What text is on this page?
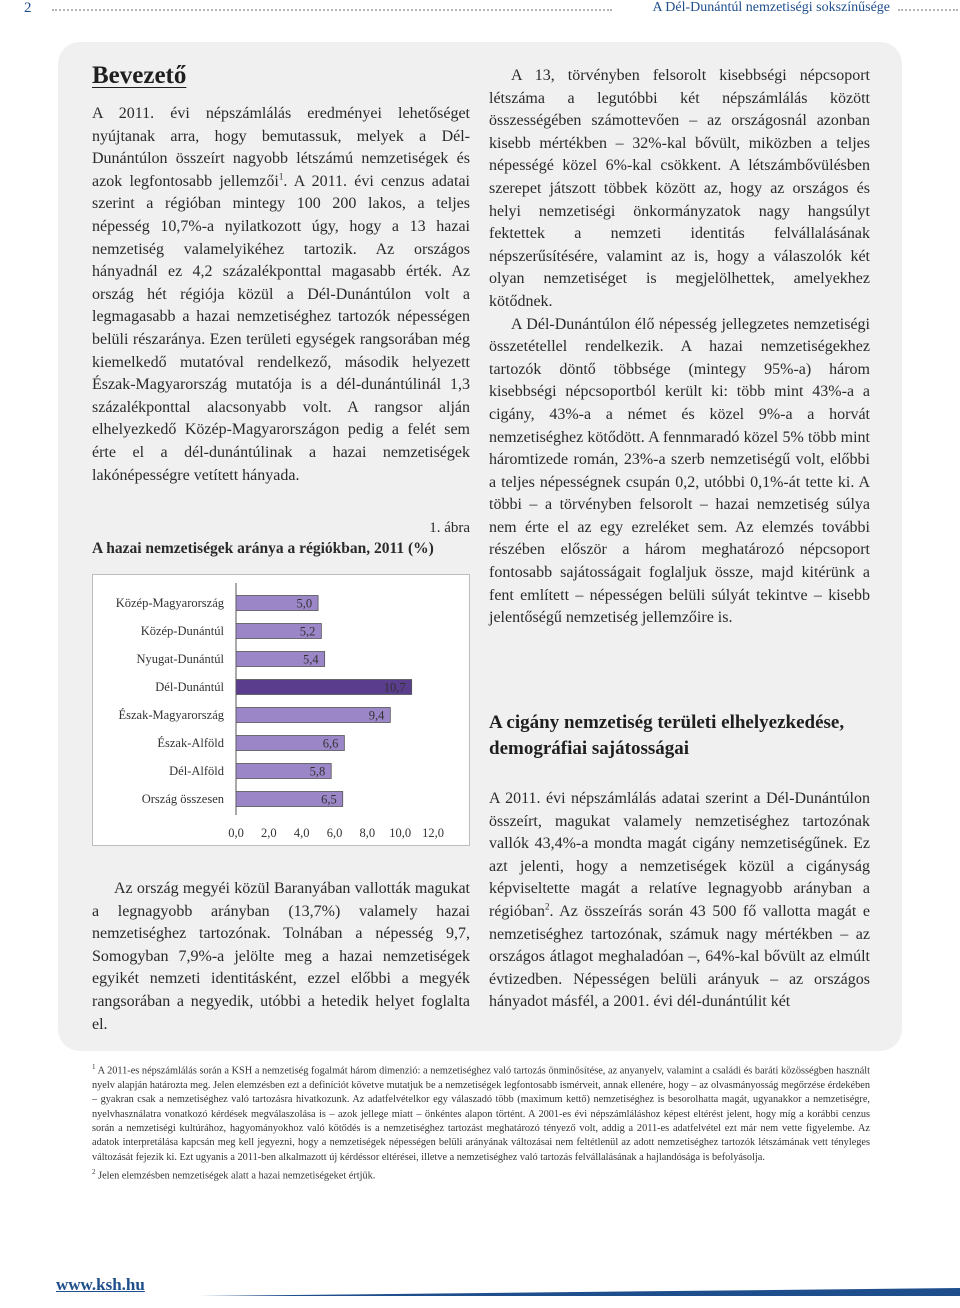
2	A Dél-Dunántúl nemzetiségi sokszínűsége
Bevezető

A 2011. évi népszámlálás eredményei lehetőséget nyújtanak arra, hogy bemutassuk, melyek a Dél-Dunántúlon összeírt nagyobb létszámú nemzetiségek és azok legfontosabb jellemzői$^1$. A 2011. évi cenzus adatai szerint a régióban mintegy 100 200 lakos, a teljes népesség 10,7%-a nyilatkozott úgy, hogy a 13 hazai nemzetiség valamelyikéhez tartozik. Az országos hányadnál ez 4,2 százalékponttal magasabb érték. Az ország hét régiója közül a Dél-Dunántúlon volt a legmagasabb a hazai nemzetiséghez tartozók népességen belüli részaránya. Ezen területi egységek rangsorában még kiemelkedő mutatóval rendelkező, második helyezett Észak-Magyarország mutatója is a dél-dunántúlinál 1,3 százalékponttal alacsonyabb volt. A rangsor alján elhelyezkedő Közép-Magyarországon pedig a felét sem érte el a dél-dunántúlinak a hazai nemzetiségek lakónépességre vetített hányada.

1. ábra
A hazai nemzetiségek aránya a régiókban, 2011 (%)
0,0 2,0 4,0 6,0 8,0 10,0 12,0
Közép-Magyarország	5,0
Közép-Dunántúl	5,2
Nyugat-Dunántúl	5,4
Dél-Dunántúl	10,7
Észak-Magyarország	9,4
Észak-Alföld	6,6
Dél-Alföld	5,8
Ország összesen	6,5

Az ország megyéi közül Baranyában vallották magukat a legnagyobb arányban (13,7%) valamely hazai nemzetiséghez tartozónak. Tolnában a népesség 9,7, Somogyban 7,9%-a jelölte meg a hazai nemzetiségek egyikét nemzeti identitásként, ezzel előbbi a megyék rangsorában a negyedik, utóbbi a hetedik helyet foglalta el.

A 13, törvényben felsorolt kisebbségi népcsoport létszáma a legutóbbi két népszámlálás között összességében számottevően – az országosnál azonban kisebb mértékben – 32%-kal bővült, miközben a teljes népességé közel 6%-kal csökkent. A létszámbővülésben szerepet játszott többek között az, hogy az országos és helyi nemzetiségi önkormányzatok nagy hangsúlyt fektettek a nemzeti identitás felvállalásának népszerűsítésére, valamint az is, hogy a válaszolók két olyan nemzetiséget is megjelölhettek, amelyekhez kötődnek.

A Dél-Dunántúlon élő népesség jellegzetes nemzetiségi összetétellel rendelkezik. A hazai nemzetiségekhez tartozók döntő többsége (mintegy 95%-a) három kisebbségi népcsoportból került ki: több mint 43%-a a cigány, 43%-a a német és közel 9%-a a horvát nemzetiséghez kötődött. A fennmaradó közel 5% több mint háromtizede román, 23%-a szerb nemzetiségű volt, előbbi a teljes népességnek csupán 0,2, utóbbi 0,1%-át tette ki. A többi – a törvényben felsorolt – hazai nemzetiség súlya nem érte el az egy ezreléket sem. Az elemzés további részében először a három meghatározó népcsoport fontosabb sajátosságait foglaljuk össze, majd kitérünk a fent említett – népességen belüli súlyát tekintve – kisebb jelentőségű nemzetiség jellemzőire is.

A cigány nemzetiség területi elhelyezkedése, demográfiai sajátosságai

A 2011. évi népszámlálás adatai szerint a Dél-Dunántúlon összeírt, magukat valamely nemzetiséghez tartozónak vallók 43,4%-a mondta magát cigány nemzetiségűnek. Ez azt jelenti, hogy a nemzetiségek közül a cigányság képviseltette magát a relatíve legnagyobb arányban a régióban$^2$. Az összeírás során 43 500 fő vallotta magát e nemzetiséghez tartozónak, számuk nagy mértékben – az országos átlagot meghaladóan –, 64%-kal bővült az elmúlt évtizedben. Népességen belüli arányuk – az országos hányadot másfél, a 2001. évi dél-dunántúlit két

$^1$ A 2011-es népszámlálás során a KSH a nemzetiség fogalmát három dimenzió: a nemzetiséghez való tartozás önminősítése, az anyanyelv, valamint a családi és baráti közösségben használt nyelv alapján határozta meg. Jelen elemzésben ezt a definíciót követve mutatjuk be a nemzetiségek legfontosabb ismérveit, annak ellenére, hogy – az olvasmányosság megőrzése érdekében – gyakran csak a nemzetiséghez való tartozásra hivatkozunk. Az adatfelvételkor egy válaszadó több (maximum kettő) nemzetiséghez is besorolhatta magát, ugyanakkor a nemzetiségre, nyelvhasználatra vonatkozó kérdések megválaszolása is – azok jellege miatt – önkéntes alapon történt. A 2001-es évi népszámláláshoz képest eltérést jelent, hogy míg a korábbi cenzus során a nemzetiségi kultúrához, hagyományokhoz való kötődés is a nemzetiséghez tartozást meghatározó tényező volt, addig a 2011-es adatfelvétel ezt már nem vette figyelembe. Az adatok interpretálása kapcsán meg kell jegyezni, hogy a nemzetiségek népességen belüli arányának változásai nem feltétlenül az adott nemzetiséghez tartozók létszámának vett tényleges változását fejezik ki. Ezt ugyanis a 2011-ben alkalmazott új kérdéssor eltérései, illetve a nemzetiséghez való tartozás felvállalásának a hajlandósága is befolyásolja.

$^2$ Jelen elemzésben nemzetiségek alatt a hazai nemzetiségeket értjük.

www.ksh.hu
